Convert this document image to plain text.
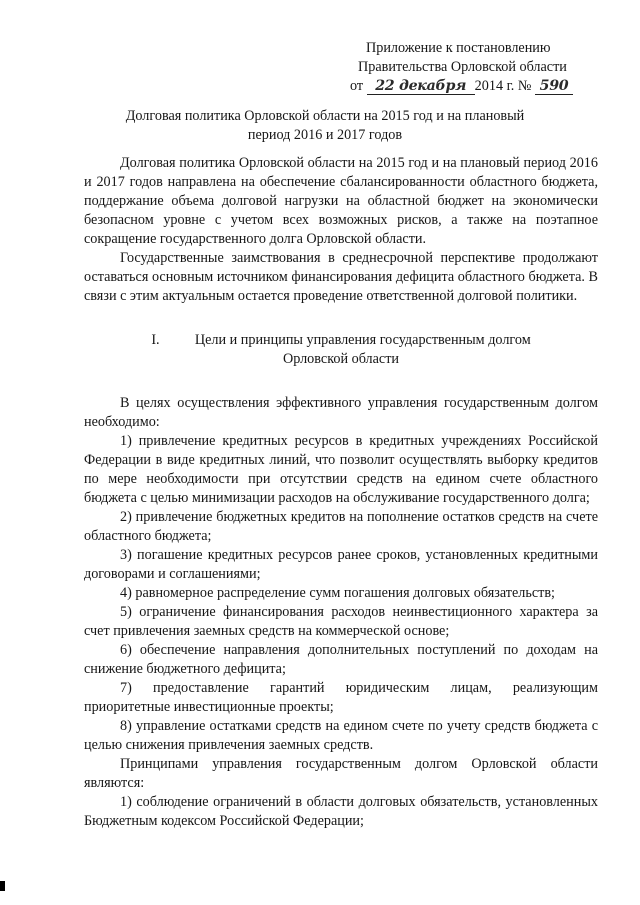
Приложение к постановлению
Правительства Орловской области
от 22 декабря 2014 г. № 590
Долговая политика Орловской области на 2015 год и на плановый
период 2016 и 2017 годов

Долговая политика Орловской области на 2015 год и на плановый период 2016 и 2017 годов направлена на обеспечение сбалансированности областного бюджета, поддержание объема долговой нагрузки на областной бюджет на экономически безопасном уровне с учетом всех возможных рисков, а также на поэтапное сокращение государственного долга Орловской области.

Государственные заимствования в среднесрочной перспективе продолжают оставаться основным источником финансирования дефицита областного бюджета. В связи с этим актуальным остается проведение ответственной долговой политики.

I. Цели и принципы управления государственным долгом

Орловской области

В целях осуществления эффективного управления государственным долгом необходимо:

1) привлечение кредитных ресурсов в кредитных учреждениях Российской Федерации в виде кредитных линий, что позволит осуществлять выборку кредитов по мере необходимости при отсутствии средств на едином счете областного бюджета с целью минимизации расходов на обслуживание государственного долга;

2) привлечение бюджетных кредитов на пополнение остатков средств на счете областного бюджета;

3) погашение кредитных ресурсов ранее сроков, установленных кредитными договорами и соглашениями;

4) равномерное распределение сумм погашения долговых обязательств;

5) ограничение финансирования расходов неинвестиционного характера за счет привлечения заемных средств на коммерческой основе;

6) обеспечение направления дополнительных поступлений по доходам на снижение бюджетного дефицита;

7) предоставление гарантий юридическим лицам, реализующим приоритетные инвестиционные проекты;

8) управление остатками средств на едином счете по учету средств бюджета с целью снижения привлечения заемных средств.

Принципами управления государственным долгом Орловской области являются:

1) соблюдение ограничений в области долговых обязательств, установленных Бюджетным кодексом Российской Федерации;
